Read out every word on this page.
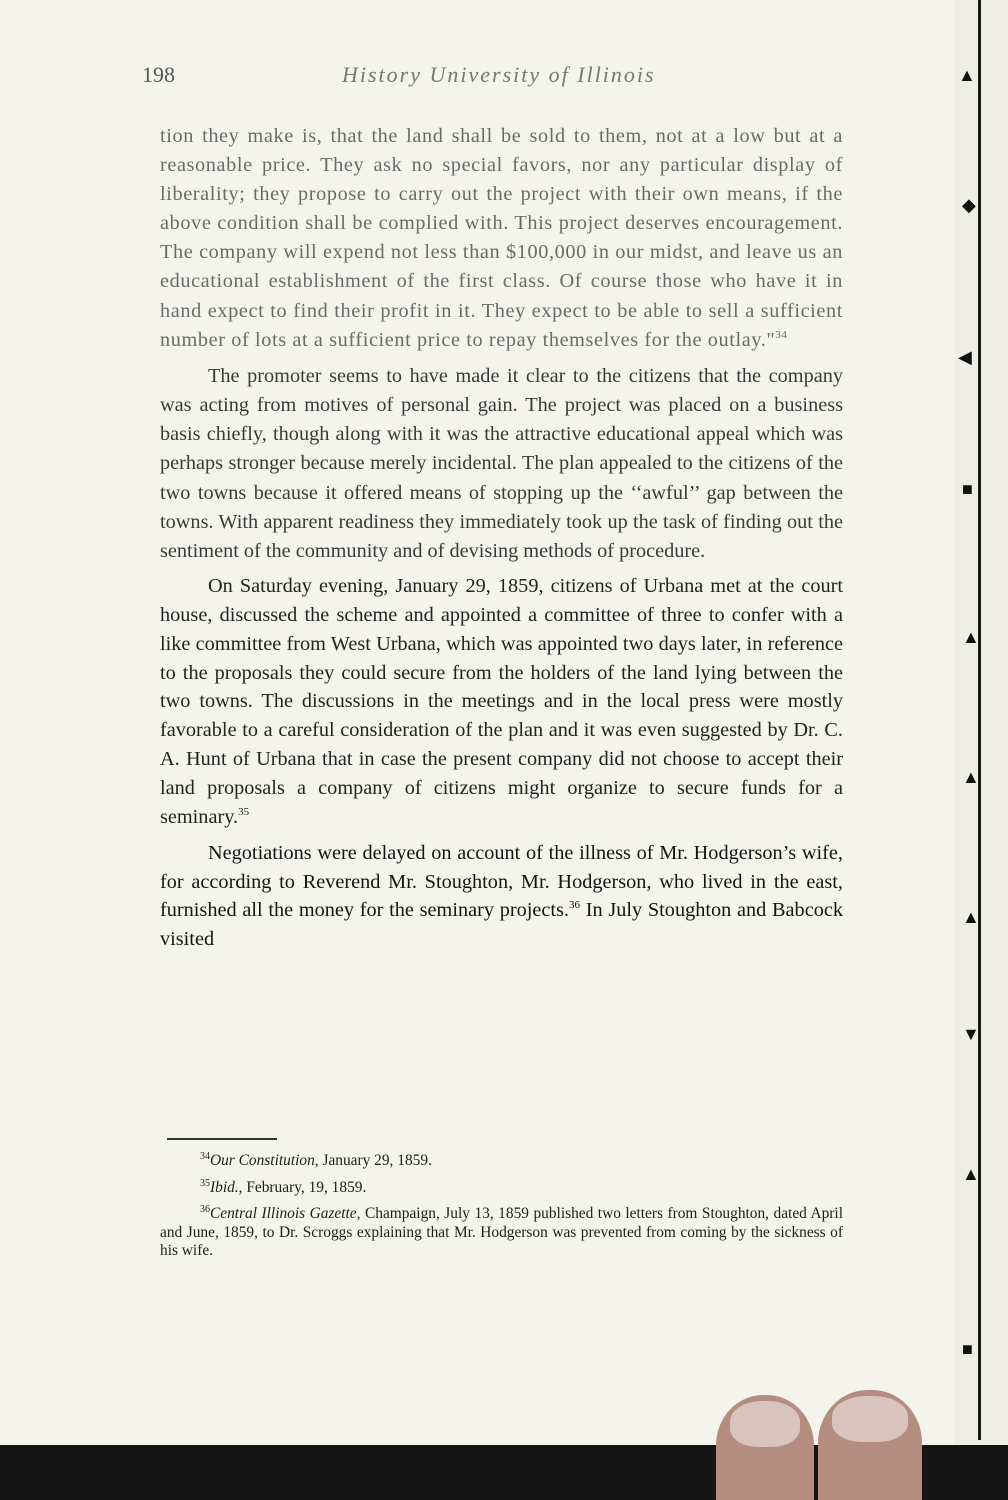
198	History University of Illinois

tion they make is, that the land shall be sold to them, not at a low but at a reasonable price. They ask no special favors, nor any particular display of liberality; they propose to carry out the project with their own means, if the above condition shall be complied with. This project deserves encouragement. The company will expend not less than $100,000 in our midst, and leave us an educational establishment of the first class. Of course those who have it in hand expect to find their profit in it. They expect to be able to sell a sufficient number of lots at a sufficient price to repay themselves for the outlay."$^{34}$

The promoter seems to have made it clear to the citizens that the company was acting from motives of personal gain. The project was placed on a business basis chiefly, though along with it was the attractive educational appeal which was perhaps stronger because merely incidental. The plan appealed to the citizens of the two towns because it offered means of stopping up the ‘‘awful’’ gap between the towns. With apparent readiness they immediately took up the task of finding out the sentiment of the community and of devising methods of procedure.

On Saturday evening, January 29, 1859, citizens of Urbana met at the court house, discussed the scheme and appointed a committee of three to confer with a like committee from West Urbana, which was appointed two days later, in reference to the proposals they could secure from the holders of the land lying between the two towns. The discussions in the meetings and in the local press were mostly favorable to a careful consideration of the plan and it was even suggested by Dr. C. A. Hunt of Urbana that in case the present company did not choose to accept their land proposals a company of citizens might organize to secure funds for a seminary.$^{35}$

Negotiations were delayed on account of the illness of Mr. Hodgerson’s wife, for according to Reverend Mr. Stoughton, Mr. Hodgerson, who lived in the east, furnished all the money for the seminary projects.$^{36}$ In July Stoughton and Babcock visited

$^{34}$Our Constitution, January 29, 1859.

$^{35}$Ibid., February, 19, 1859.

$^{36}$Central Illinois Gazette, Champaign, July 13, 1859 published two letters from Stoughton, dated April and June, 1859, to Dr. Scroggs explaining that Mr. Hodgerson was prevented from coming by the sickness of his wife.

▲
◆
◀
■
▲
▲
▲
▼
▲
■
